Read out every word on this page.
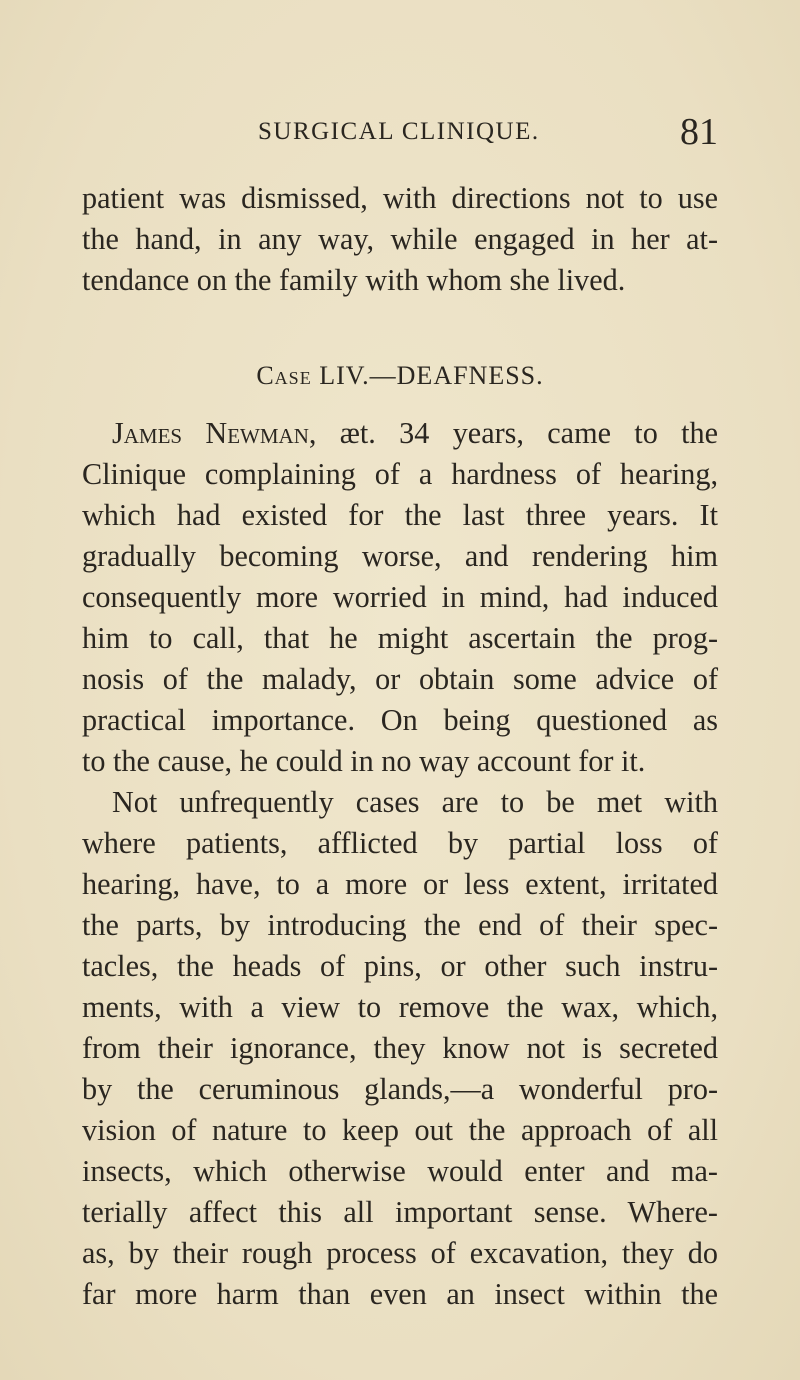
SURGICAL CLINIQUE.	81
patient was dismissed, with directions not to use
the hand, in any way, while engaged in her at-
tendance on the family with whom she lived.
James Newman, æt. 34 years, came to the
Clinique complaining of a hardness of hearing,
which had existed for the last three years. It
gradually becoming worse, and rendering him
consequently more worried in mind, had induced
him to call, that he might ascertain the prog-
nosis of the malady, or obtain some advice of
practical importance. On being questioned as
to the cause, he could in no way account for it.
Not unfrequently cases are to be met with
where patients, afflicted by partial loss of
hearing, have, to a more or less extent, irritated
the parts, by introducing the end of their spec-
tacles, the heads of pins, or other such instru-
ments, with a view to remove the wax, which,
from their ignorance, they know not is secreted
by the ceruminous glands,—a wonderful pro-
vision of nature to keep out the approach of all
insects, which otherwise would enter and ma-
terially affect this all important sense. Where-
as, by their rough process of excavation, they do
far more harm than even an insect within the
Case LIV.—DEAFNESS.
